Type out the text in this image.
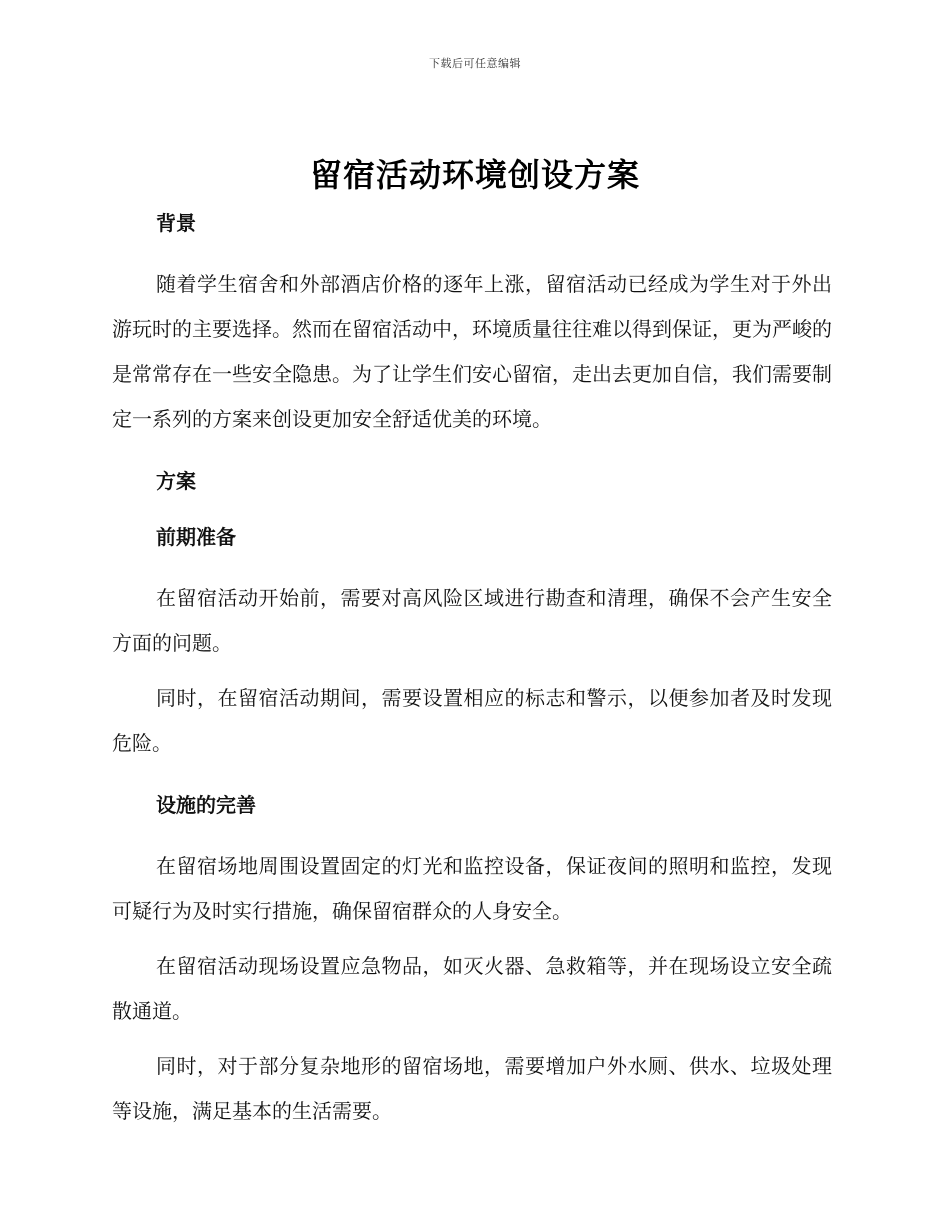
下载后可任意编辑
留宿活动环境创设方案
背景

随着学生宿舍和外部酒店价格的逐年上涨，留宿活动已经成为学生对于外出游玩时的主要选择。然而在留宿活动中，环境质量往往难以得到保证，更为严峻的是常常存在一些安全隐患。为了让学生们安心留宿，走出去更加自信，我们需要制定一系列的方案来创设更加安全舒适优美的环境。

方案
前期准备

在留宿活动开始前，需要对高风险区域进行勘查和清理，确保不会产生安全方面的问题。

同时，在留宿活动期间，需要设置相应的标志和警示，以便参加者及时发现危险。

设施的完善

在留宿场地周围设置固定的灯光和监控设备，保证夜间的照明和监控，发现可疑行为及时实行措施，确保留宿群众的人身安全。

在留宿活动现场设置应急物品，如灭火器、急救箱等，并在现场设立安全疏散通道。

同时，对于部分复杂地形的留宿场地，需要增加户外水厕、供水、垃圾处理等设施，满足基本的生活需要。
